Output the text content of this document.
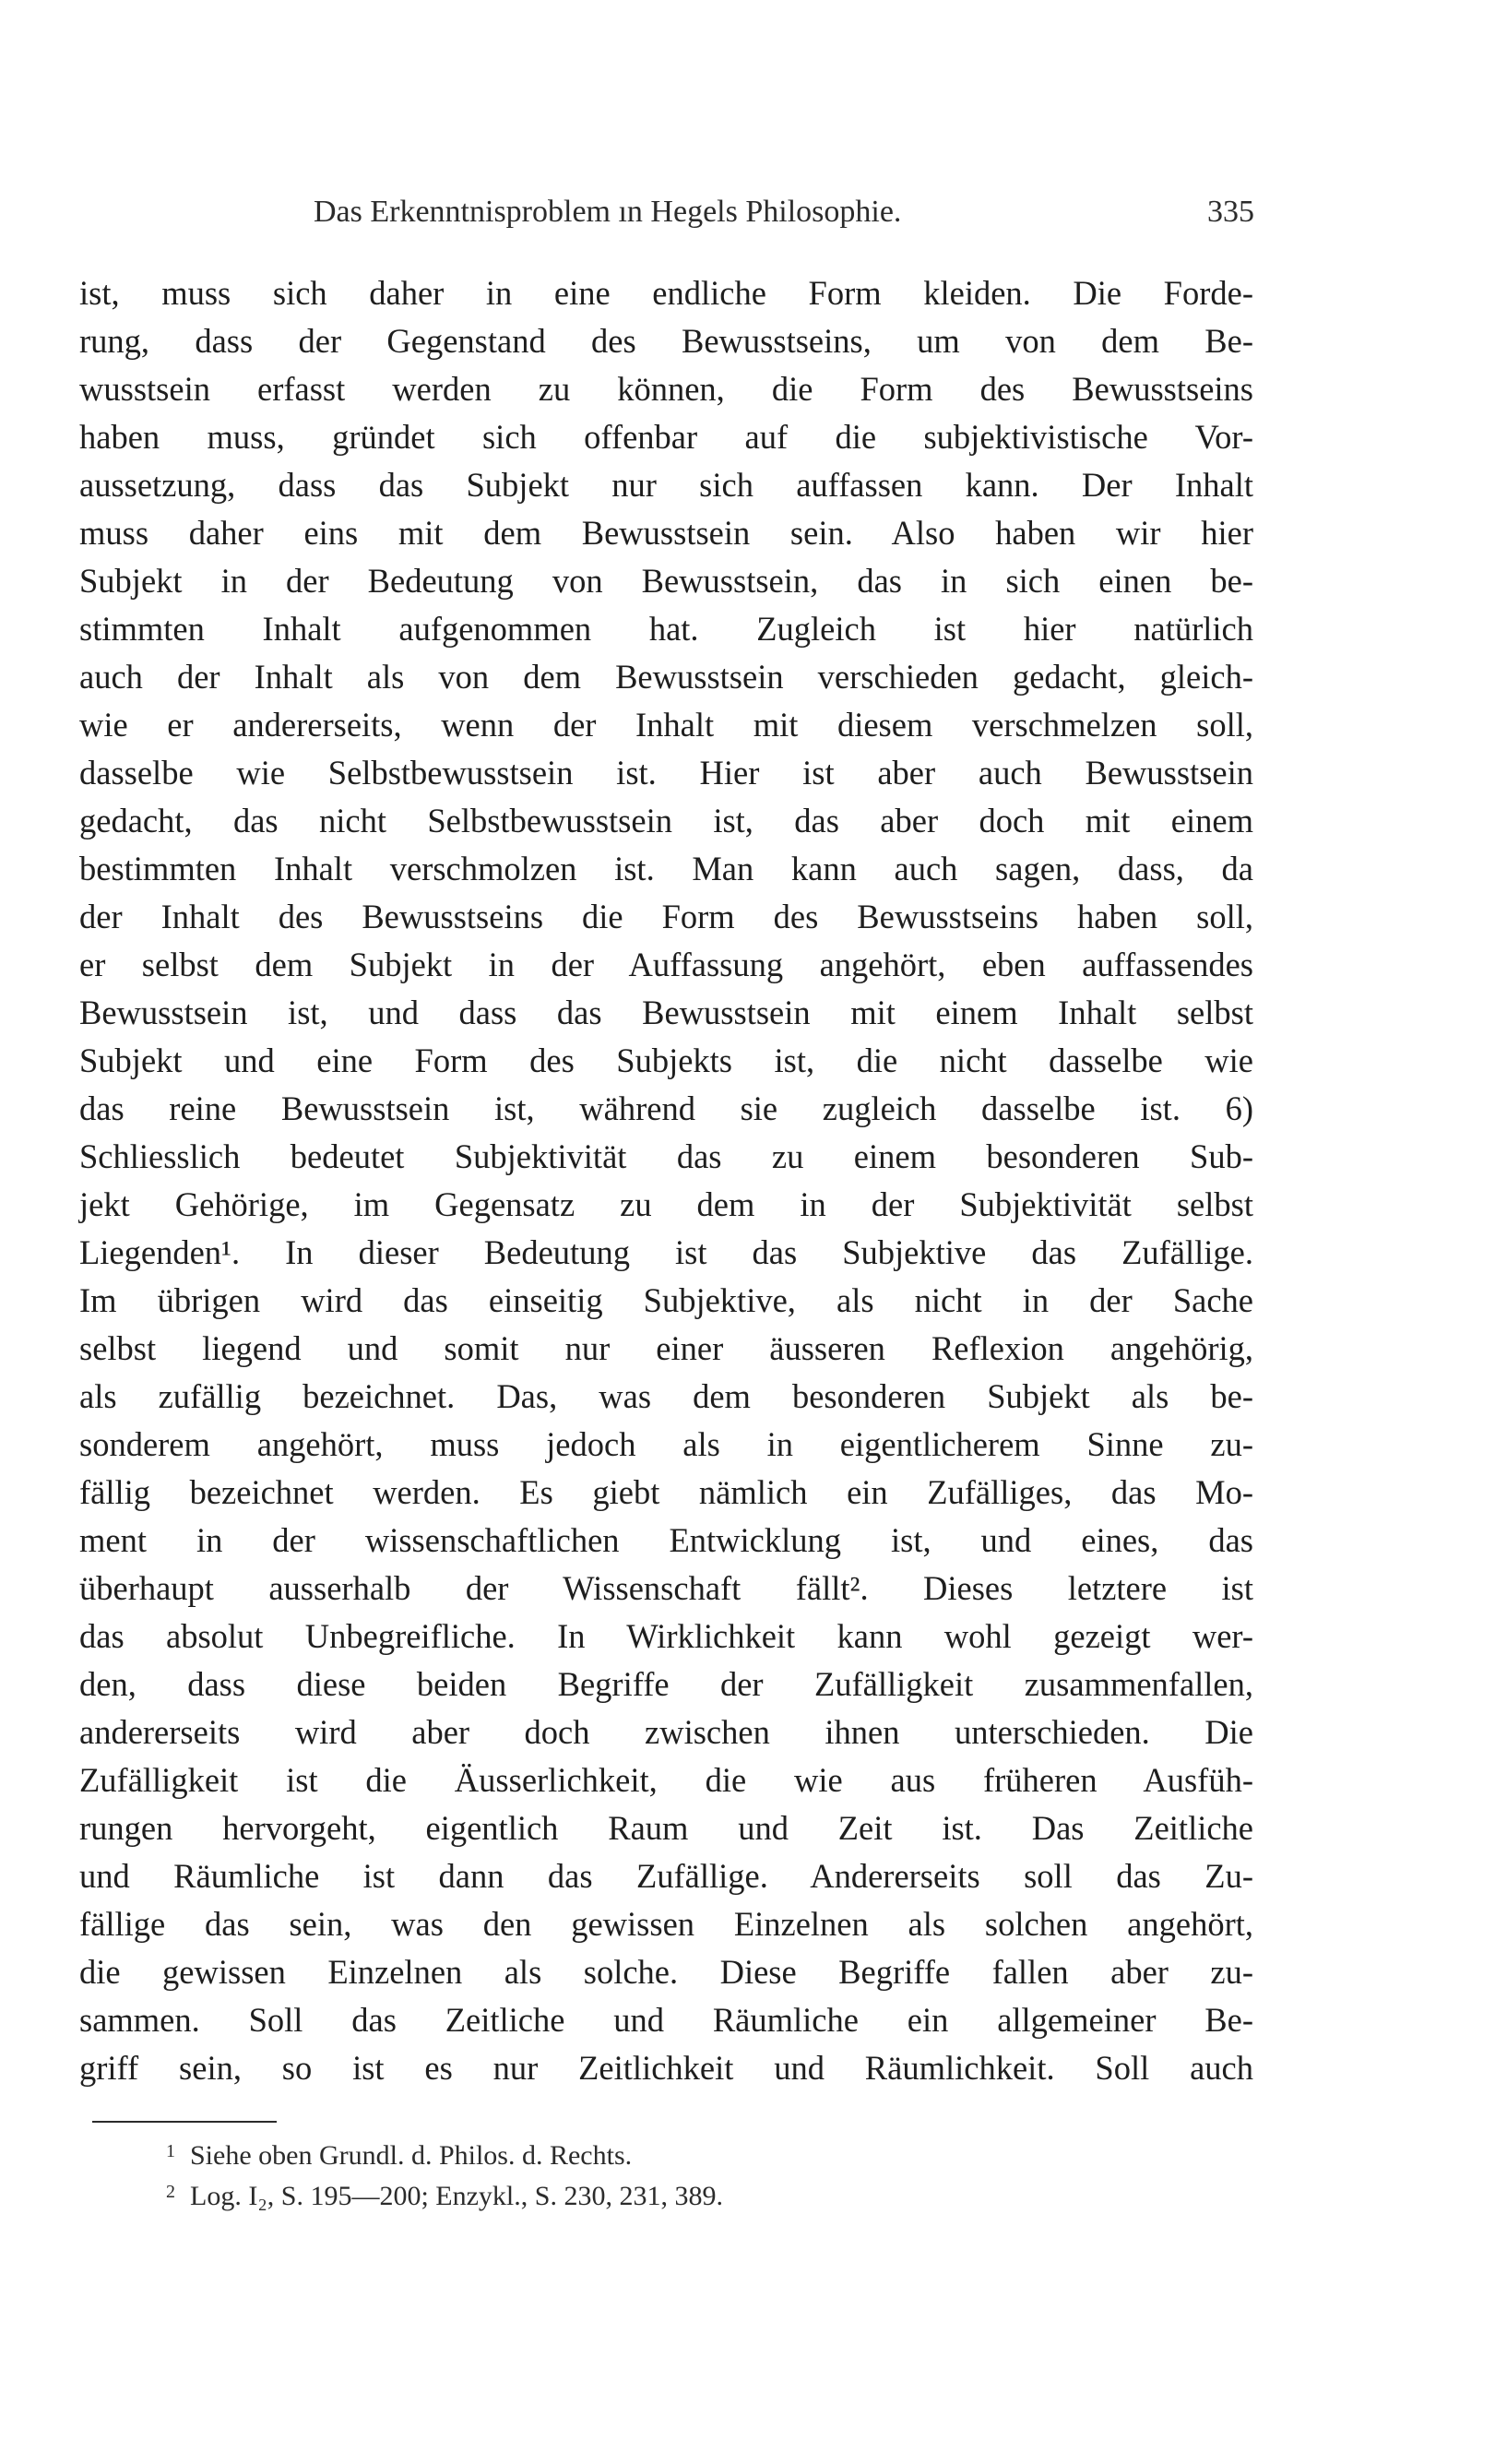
Das Erkenntnisproblem ın Hegels Philosophie.	335
ist, muss sich daher in eine endliche Form kleiden. Die Forde-
rung, dass der Gegenstand des Bewusstseins, um von dem Be-
wusstsein erfasst werden zu können, die Form des Bewusstseins
haben muss, gründet sich offenbar auf die subjektivistische Vor-
aussetzung, dass das Subjekt nur sich auffassen kann. Der Inhalt
muss daher eins mit dem Bewusstsein sein. Also haben wir hier
Subjekt in der Bedeutung von Bewusstsein, das in sich einen be-
stimmten Inhalt aufgenommen hat. Zugleich ist hier natürlich
auch der Inhalt als von dem Bewusstsein verschieden gedacht, gleich-
wie er andererseits, wenn der Inhalt mit diesem verschmelzen soll,
dasselbe wie Selbstbewusstsein ist. Hier ist aber auch Bewusstsein
gedacht, das nicht Selbstbewusstsein ist, das aber doch mit einem
bestimmten Inhalt verschmolzen ist. Man kann auch sagen, dass, da
der Inhalt des Bewusstseins die Form des Bewusstseins haben soll,
er selbst dem Subjekt in der Auffassung angehört, eben auffassendes
Bewusstsein ist, und dass das Bewusstsein mit einem Inhalt selbst
Subjekt und eine Form des Subjekts ist, die nicht dasselbe wie
das reine Bewusstsein ist, während sie zugleich dasselbe ist. 6)
Schliesslich bedeutet Subjektivität das zu einem besonderen Sub-
jekt Gehörige, im Gegensatz zu dem in der Subjektivität selbst
Liegenden¹. In dieser Bedeutung ist das Subjektive das Zufällige.
Im übrigen wird das einseitig Subjektive, als nicht in der Sache
selbst liegend und somit nur einer äusseren Reflexion angehörig,
als zufällig bezeichnet. Das, was dem besonderen Subjekt als be-
sonderem angehört, muss jedoch als in eigentlicherem Sinne zu-
fällig bezeichnet werden. Es giebt nämlich ein Zufälliges, das Mo-
ment in der wissenschaftlichen Entwicklung ist, und eines, das
überhaupt ausserhalb der Wissenschaft fällt². Dieses letztere ist
das absolut Unbegreifliche. In Wirklichkeit kann wohl gezeigt wer-
den, dass diese beiden Begriffe der Zufälligkeit zusammenfallen,
andererseits wird aber doch zwischen ihnen unterschieden. Die
Zufälligkeit ist die Äusserlichkeit, die wie aus früheren Ausfüh-
rungen hervorgeht, eigentlich Raum und Zeit ist. Das Zeitliche
und Räumliche ist dann das Zufällige. Andererseits soll das Zu-
fällige das sein, was den gewissen Einzelnen als solchen angehört,
die gewissen Einzelnen als solche. Diese Begriffe fallen aber zu-
sammen. Soll das Zeitliche und Räumliche ein allgemeiner Be-
griff sein, so ist es nur Zeitlichkeit und Räumlichkeit. Soll auch
1 Siehe oben Grundl. d. Philos. d. Rechts.
2 Log. I₂, S. 195—200; Enzykl., S. 230, 231, 389.
